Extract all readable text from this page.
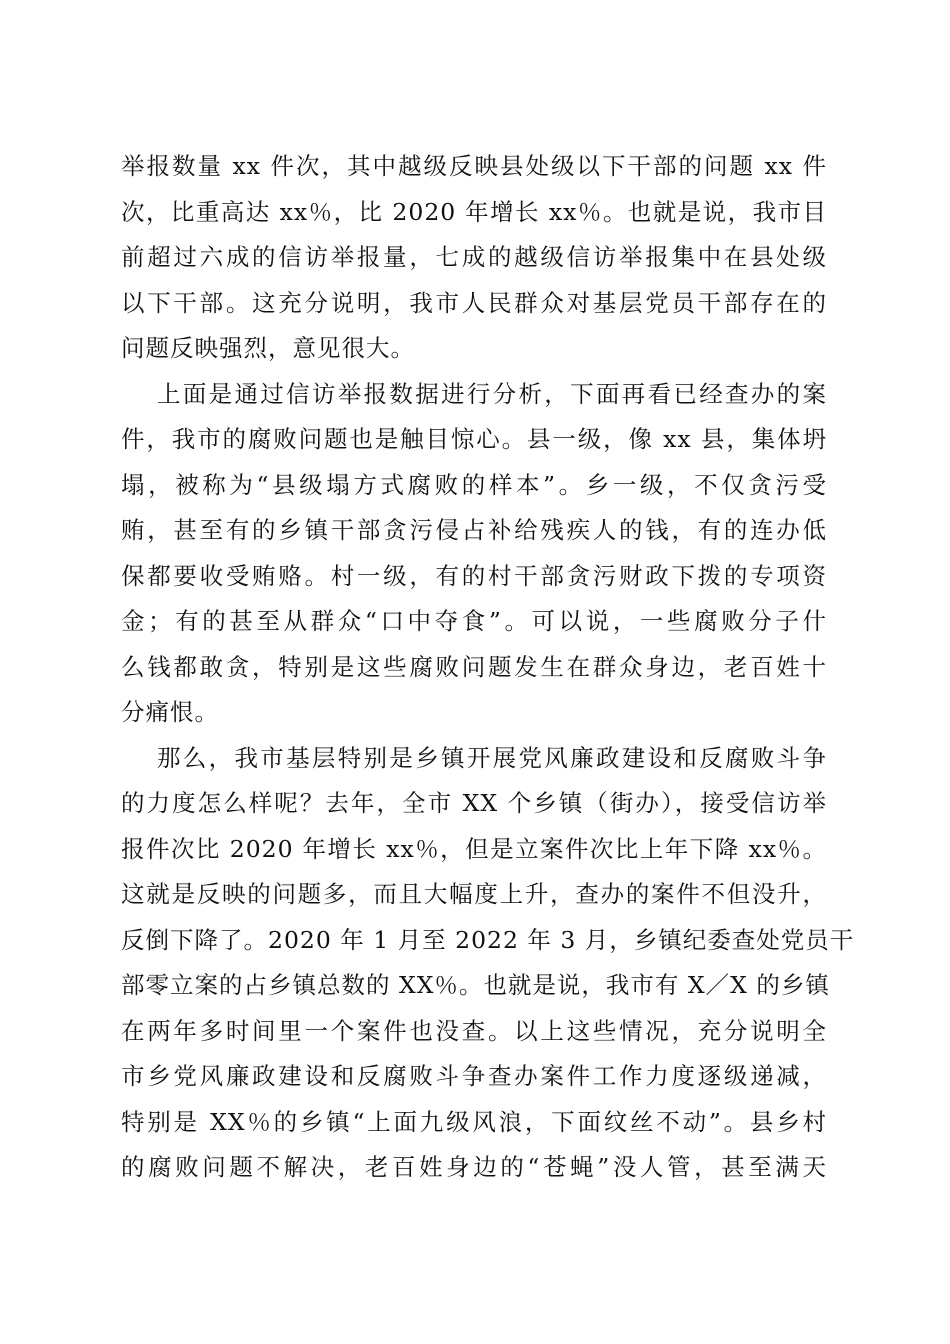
举报数量 xx 件次，其中越级反映县处级以下干部的问题 xx 件
次，比重高达 xx％，比 2020 年增长 xx％。也就是说，我市目
前超过六成的信访举报量，七成的越级信访举报集中在县处级
以下干部。这充分说明，我市人民群众对基层党员干部存在的
问题反映强烈，意见很大。
上面是通过信访举报数据进行分析，下面再看已经查办的案
件，我市的腐败问题也是触目惊心。县一级，像 xx 县，集体坍
塌，被称为“县级塌方式腐败的样本”。乡一级，不仅贪污受
贿，甚至有的乡镇干部贪污侵占补给残疾人的钱，有的连办低
保都要收受贿赂。村一级，有的村干部贪污财政下拨的专项资
金；有的甚至从群众“口中夺食”。可以说，一些腐败分子什
么钱都敢贪，特别是这些腐败问题发生在群众身边，老百姓十
分痛恨。
那么，我市基层特别是乡镇开展党风廉政建设和反腐败斗争
的力度怎么样呢？去年，全市 XX 个乡镇（街办），接受信访举
报件次比 2020 年增长 xx％，但是立案件次比上年下降 xx％。
这就是反映的问题多，而且大幅度上升，查办的案件不但没升，
反倒下降了。2020 年 1 月至 2022 年 3 月，乡镇纪委查处党员干
部零立案的占乡镇总数的 XX％。也就是说，我市有 X／X 的乡镇
在两年多时间里一个案件也没查。以上这些情况，充分说明全
市乡党风廉政建设和反腐败斗争查办案件工作力度逐级递减，
特别是 XX％的乡镇“上面九级风浪，下面纹丝不动”。县乡村
的腐败问题不解决，老百姓身边的“苍蝇”没人管，甚至满天
